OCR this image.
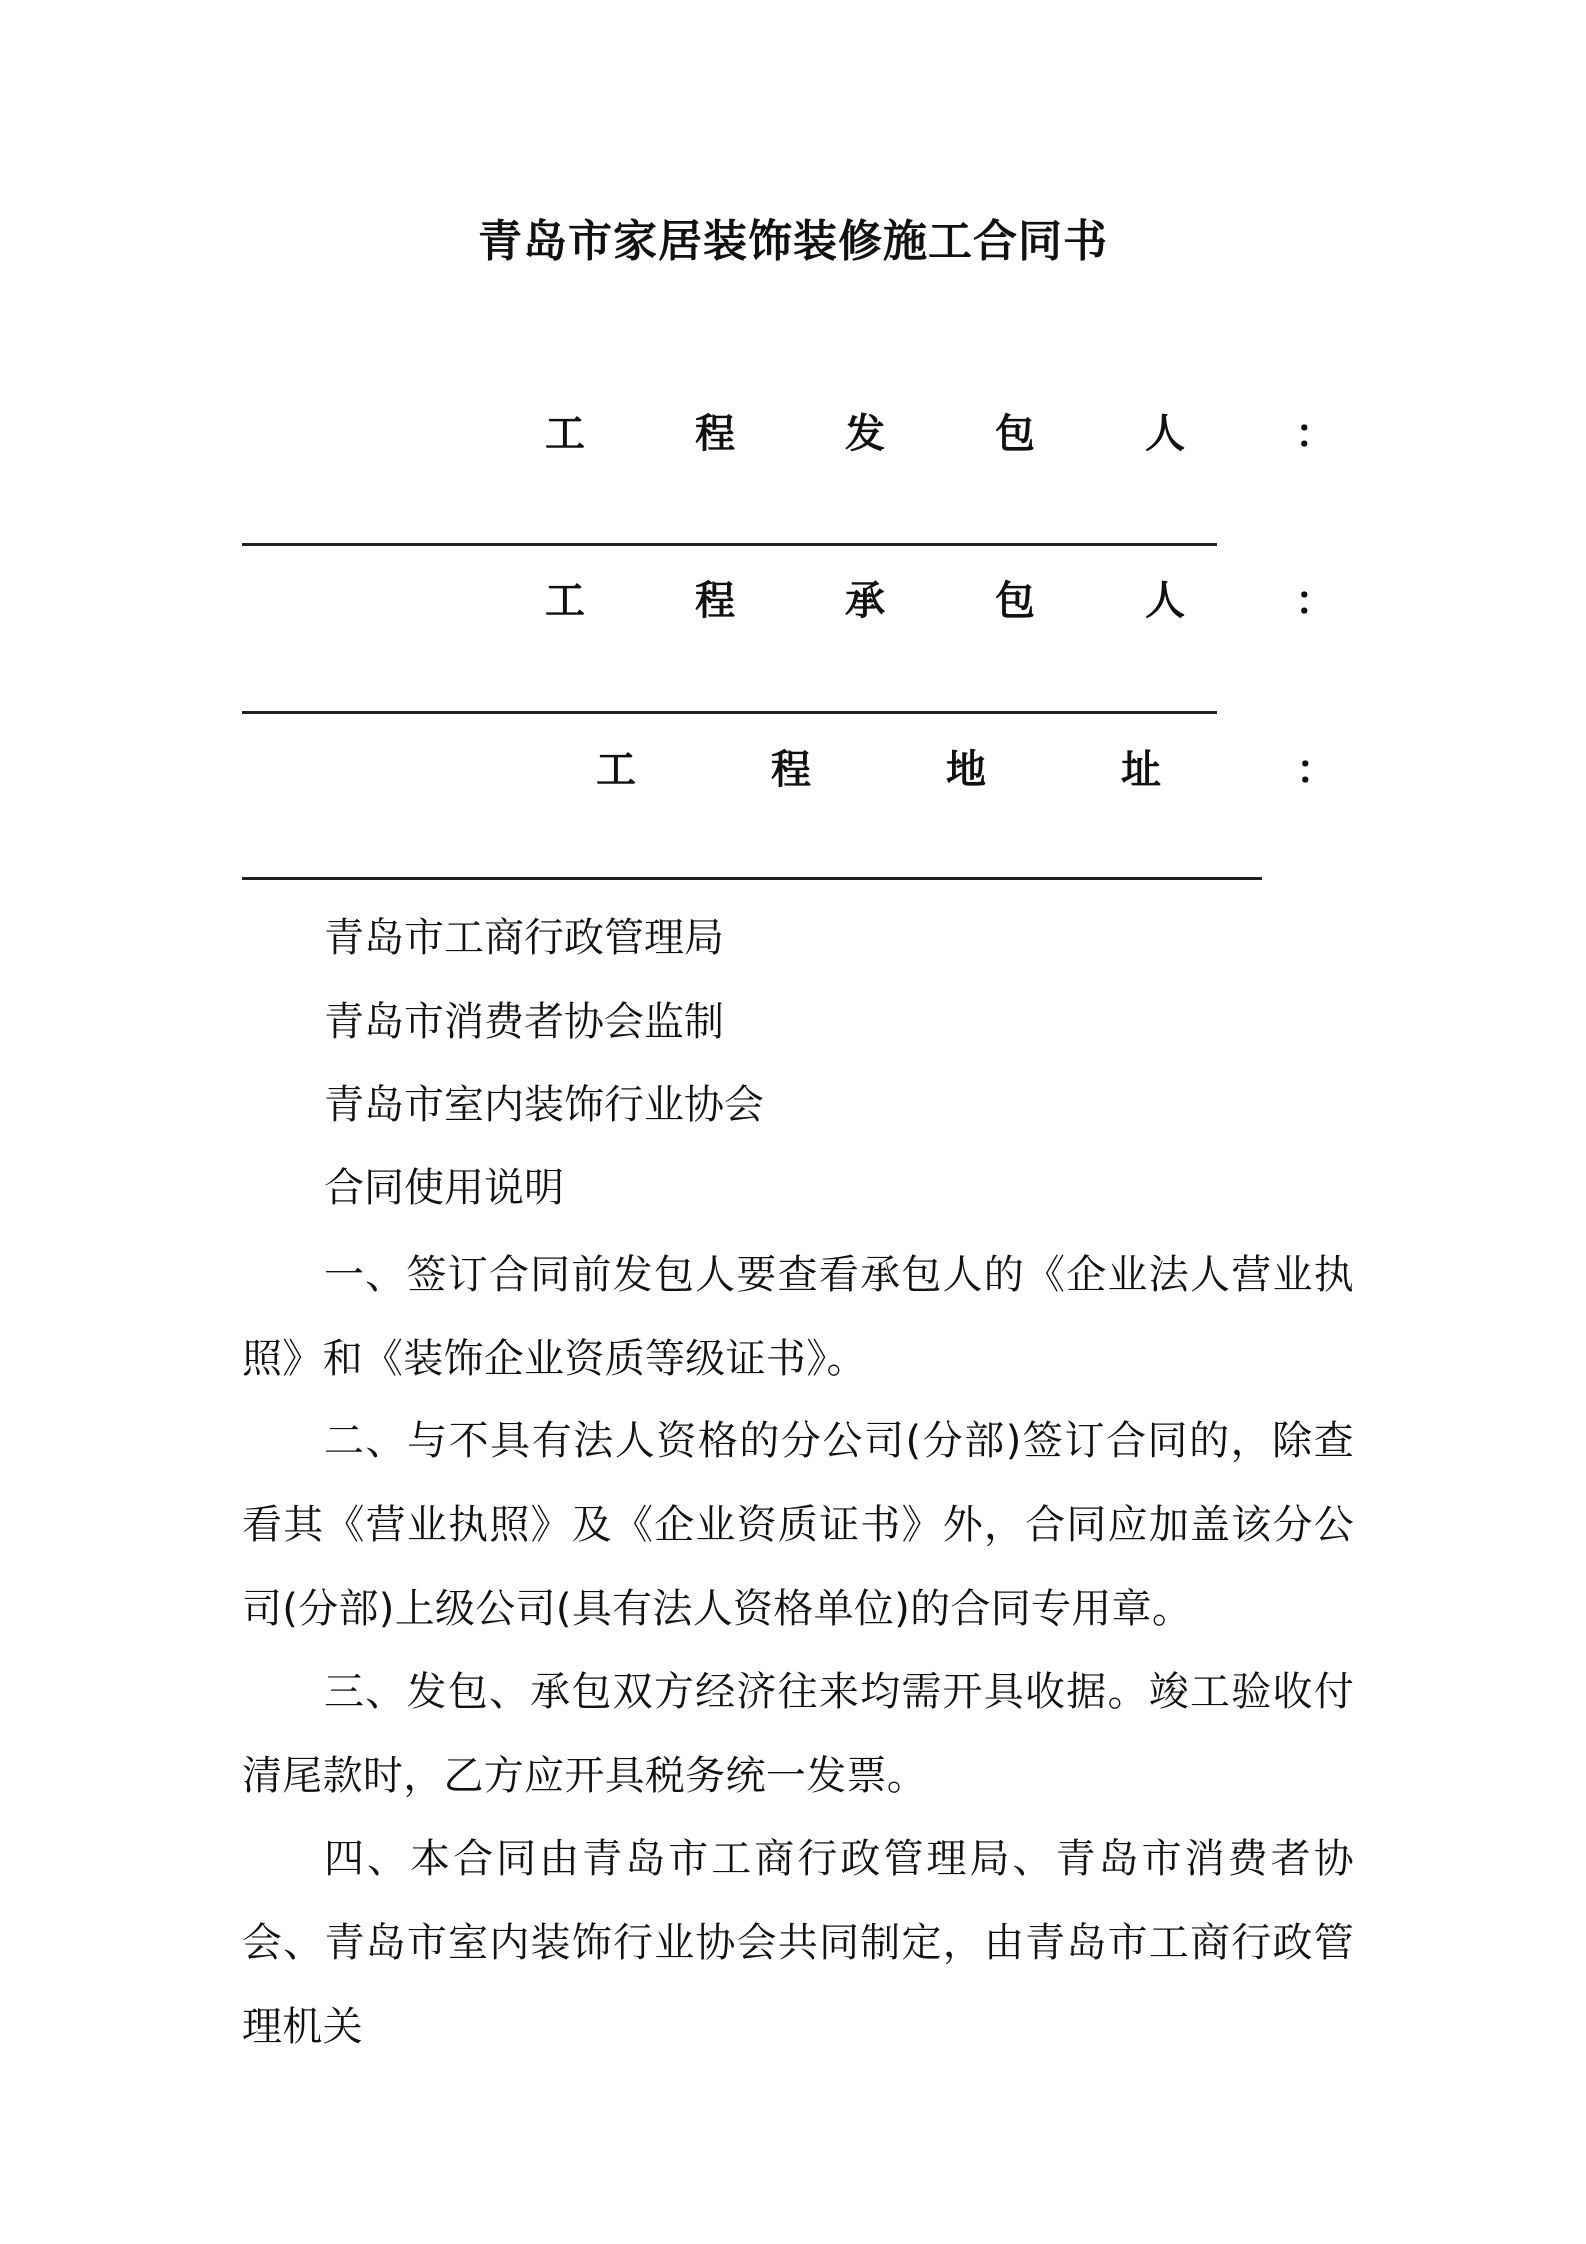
青岛市家居装饰装修施工合同书
工	程	发	包	人	：
工	程	承	包	人	：
工	程	地	址	：
青岛市工商行政管理局
青岛市消费者协会监制
青岛市室内装饰行业协会
合同使用说明
一、签订合同前发包人要查看承包人的《企业法人营业执照》和《装饰企业资质等级证书》。
二、与不具有法人资格的分公司(分部)签订合同的，除查看其《营业执照》及《企业资质证书》外，合同应加盖该分公司(分部)上级公司(具有法人资格单位)的合同专用章。
三、发包、承包双方经济往来均需开具收据。竣工验收付清尾款时，乙方应开具税务统一发票。
四、本合同由青岛市工商行政管理局、青岛市消费者协会、青岛市室内装饰行业协会共同制定，由青岛市工商行政管理机关
